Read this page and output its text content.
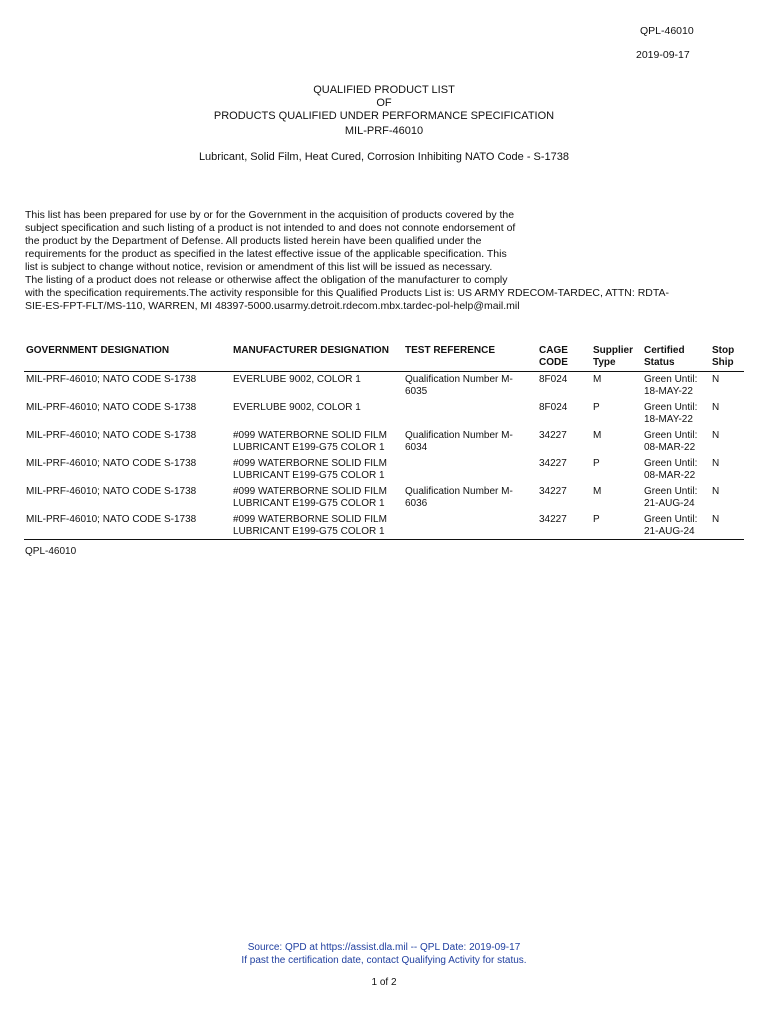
QPL-46010
2019-09-17
QUALIFIED PRODUCT LIST
OF
PRODUCTS QUALIFIED UNDER PERFORMANCE SPECIFICATION
MIL-PRF-46010
Lubricant, Solid Film, Heat Cured, Corrosion Inhibiting NATO Code - S-1738
This list has been prepared for use by or for the Government in the acquisition of products covered by the
subject specification and such listing of a product is not intended to and does not connote endorsement of
the product by the Department of Defense. All products listed herein have been qualified under the
requirements for the product as specified in the latest effective issue of the applicable specification. This
list is subject to change without notice, revision or amendment of this list will be issued as necessary.
The listing of a product does not release or otherwise affect the obligation of the manufacturer to comply
with the specification requirements.The activity responsible for this Qualified Products List is: US ARMY RDECOM-TARDEC, ATTN: RDTA-
SIE-ES-FPT-FLT/MS-110, WARREN, MI 48397-5000.usarmy.detroit.rdecom.mbx.tardec-pol-help@mail.mil
GOVERNMENT DESIGNATION	MANUFACTURER DESIGNATION	TEST REFERENCE	CAGE
CODE	Supplier
Type	Certified
Status	Stop
Ship
MIL-PRF-46010; NATO CODE S-1738	EVERLUBE 9002, COLOR 1	Qualification Number M-
6035	8F024	M	Green Until:
18-MAY-22	N
MIL-PRF-46010; NATO CODE S-1738	EVERLUBE 9002, COLOR 1		8F024	P	Green Until:
18-MAY-22	N
MIL-PRF-46010; NATO CODE S-1738	#099 WATERBORNE SOLID FILM
LUBRICANT E199-G75 COLOR 1	Qualification Number M-
6034	34227	M	Green Until:
08-MAR-22	N
MIL-PRF-46010; NATO CODE S-1738	#099 WATERBORNE SOLID FILM
LUBRICANT E199-G75 COLOR 1		34227	P	Green Until:
08-MAR-22	N
MIL-PRF-46010; NATO CODE S-1738	#099 WATERBORNE SOLID FILM
LUBRICANT E199-G75 COLOR 1	Qualification Number M-
6036	34227	M	Green Until:
21-AUG-24	N
MIL-PRF-46010; NATO CODE S-1738	#099 WATERBORNE SOLID FILM
LUBRICANT E199-G75 COLOR 1		34227	P	Green Until:
21-AUG-24	N
QPL-46010
Source: QPD at https://assist.dla.mil -- QPL Date: 2019-09-17
If past the certification date, contact Qualifying Activity for status.
1 of 2
